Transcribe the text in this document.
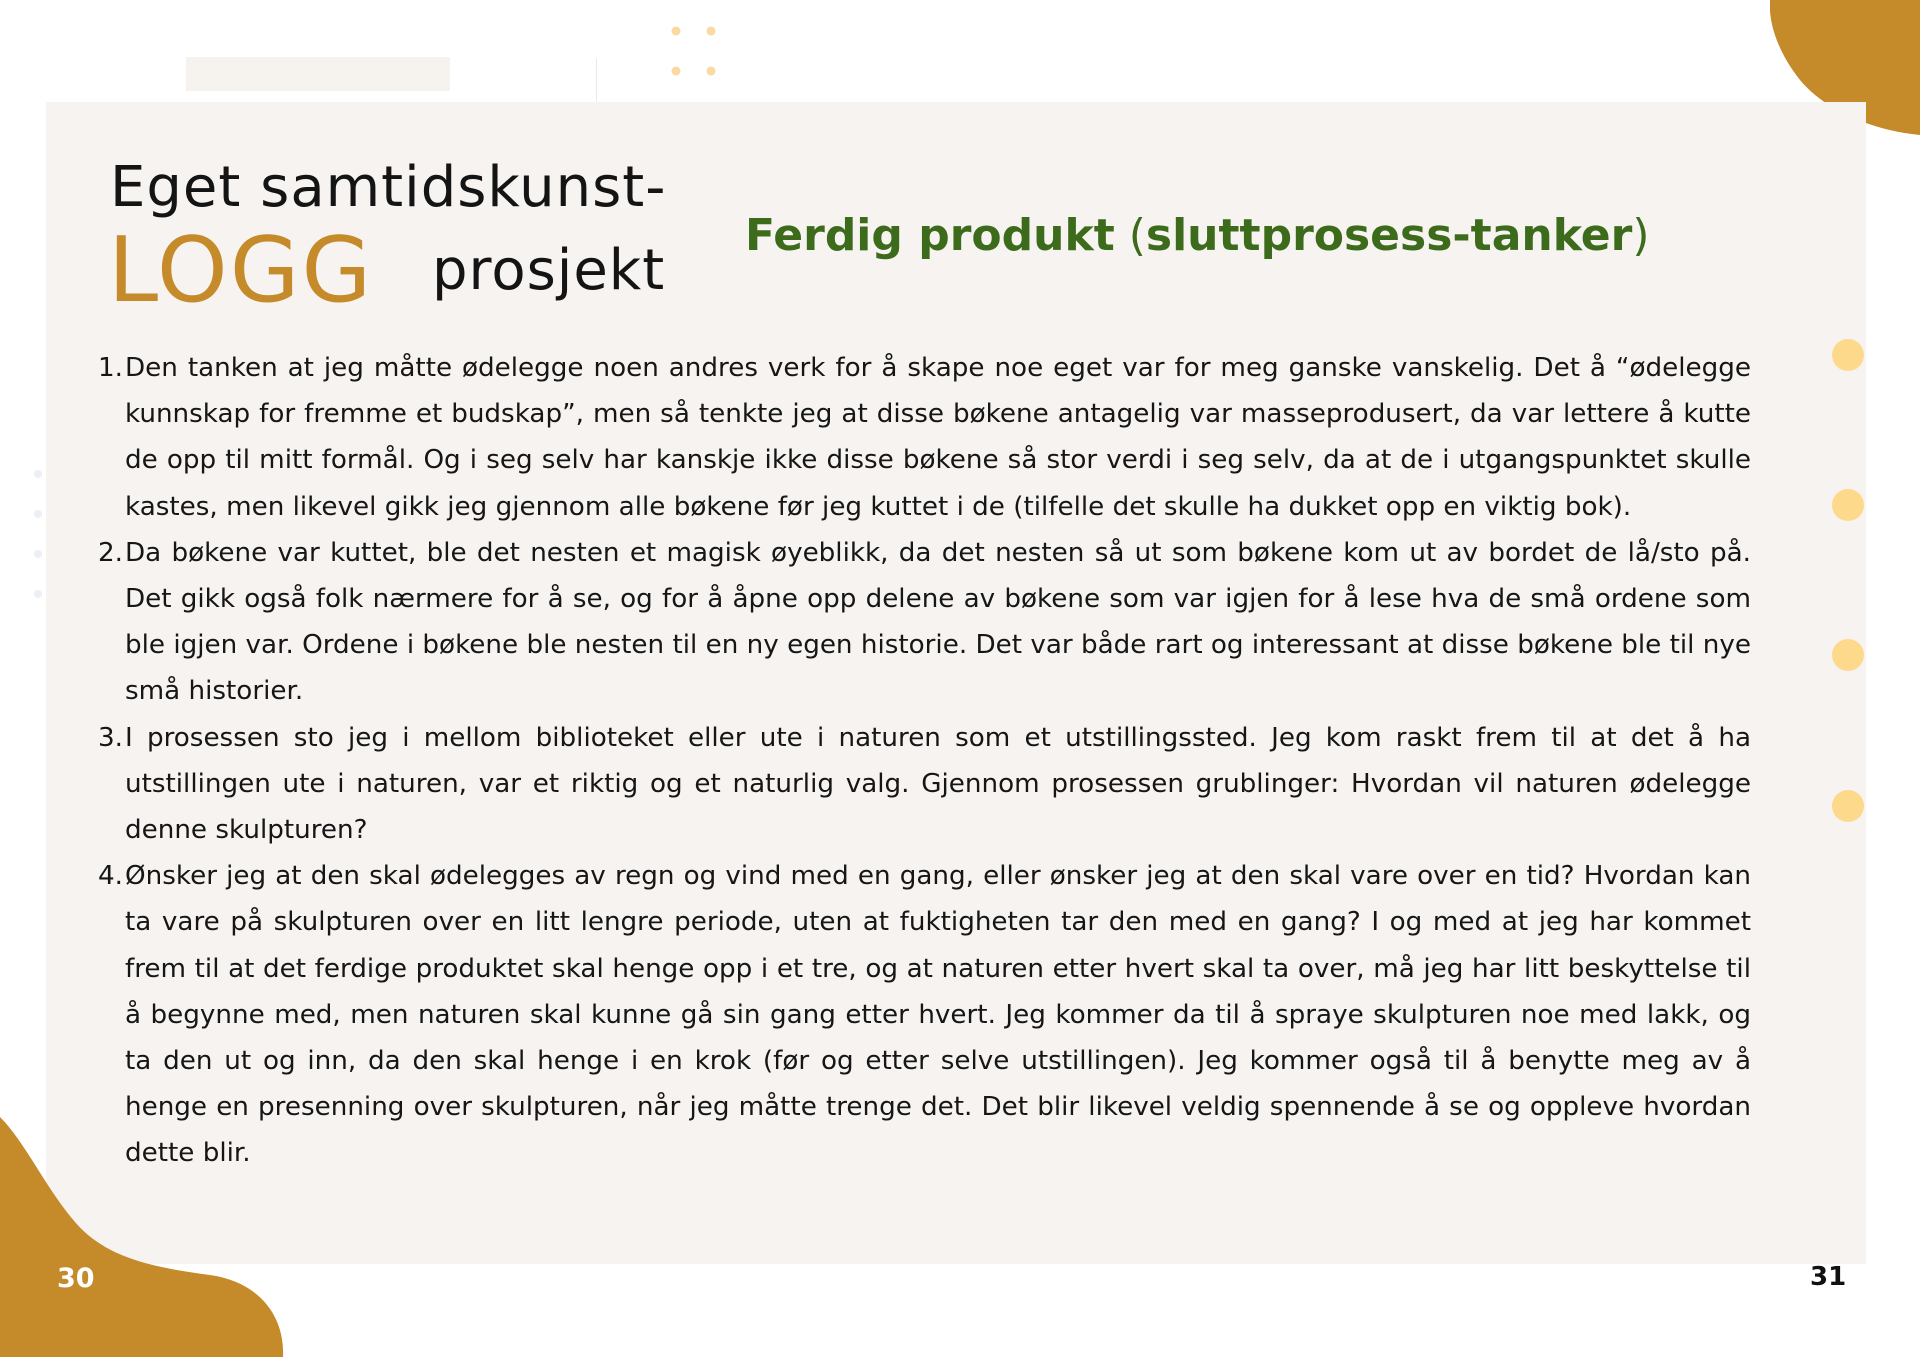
Eget samtidskunst-
LOGG prosjekt
Ferdig produkt (sluttprosess-tanker)
1. Den tanken at jeg måtte ødelegge noen andres verk for å skape noe eget var for meg ganske vanskelig. Det å “ødelegge kunnskap for fremme et budskap”, men så tenkte jeg at disse bøkene antagelig var masseprodusert, da var lettere å kutte de opp til mitt formål. Og i seg selv har kanskje ikke disse bøkene så stor verdi i seg selv, da at de i utgangspunktet skulle kastes, men likevel gikk jeg gjennom alle bøkene før jeg kuttet i de (tilfelle det skulle ha dukket opp en viktig bok).
2. Da bøkene var kuttet, ble det nesten et magisk øyeblikk, da det nesten så ut som bøkene kom ut av bordet de lå/sto på. Det gikk også folk nærmere for å se, og for å åpne opp delene av bøkene som var igjen for å lese hva de små ordene som ble igjen var. Ordene i bøkene ble nesten til en ny egen historie. Det var både rart og interessant at disse bøkene ble til nye små historier.
3. I prosessen sto jeg i mellom biblioteket eller ute i naturen som et utstillingssted. Jeg kom raskt frem til at det å ha utstillingen ute i naturen, var et riktig og et naturlig valg. Gjennom prosessen grublinger: Hvordan vil naturen ødelegge denne skulpturen?
4. Ønsker jeg at den skal ødelegges av regn og vind med en gang, eller ønsker jeg at den skal vare over en tid? Hvordan kan ta vare på skulpturen over en litt lengre periode, uten at fuktigheten tar den med en gang? I og med at jeg har kommet frem til at det ferdige produktet skal henge opp i et tre, og at naturen etter hvert skal ta over, må jeg har litt beskyttelse til å begynne med, men naturen skal kunne gå sin gang etter hvert. Jeg kommer da til å spraye skulpturen noe med lakk, og ta den ut og inn, da den skal henge i en krok (før og etter selve utstillingen). Jeg kommer også til å benytte meg av å henge en presenning over skulpturen, når jeg måtte trenge det. Det blir likevel veldig spennende å se og oppleve hvordan dette blir.
30	31
